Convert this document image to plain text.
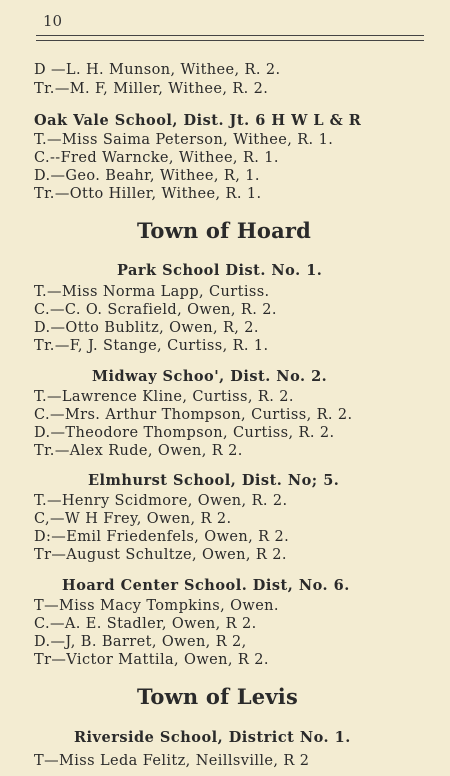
10
D —L. H. Munson, Withee, R. 2.
Tr.—M. F, Miller, Withee, R. 2.
Oak Vale School, Dist. Jt. 6 H W L & R
T.—Miss Saima Peterson, Withee, R. 1.
C.--Fred Warncke, Withee, R. 1.
D.—Geo. Beahr, Withee, R, 1.
Tr.—Otto Hiller, Withee, R. 1.
Town of Hoard
Park School Dist. No. 1.
T.—Miss Norma Lapp, Curtiss.
C.—C. O. Scrafield, Owen, R. 2.
D.—Otto Bublitz, Owen, R, 2.
Tr.—F, J. Stange, Curtiss, R. 1.
Midway Schoo', Dist. No. 2.
T.—Lawrence Kline, Curtiss, R. 2.
C.—Mrs. Arthur Thompson, Curtiss, R. 2.
D.—Theodore Thompson, Curtiss, R. 2.
Tr.—Alex Rude, Owen, R 2.
Elmhurst School, Dist. No; 5.
T.—Henry Scidmore, Owen, R. 2.
C,—W H Frey, Owen, R 2.
D:—Emil Friedenfels, Owen, R 2.
Tr—August Schultze, Owen, R 2.
Hoard Center School. Dist, No. 6.
T—Miss Macy Tompkins, Owen.
C.—A. E. Stadler, Owen, R 2.
D.—J, B. Barret, Owen, R 2,
Tr—Victor Mattila, Owen, R 2.
Town of Levis
Riverside School, District No. 1.
T—Miss Leda Felitz, Neillsville, R 2
